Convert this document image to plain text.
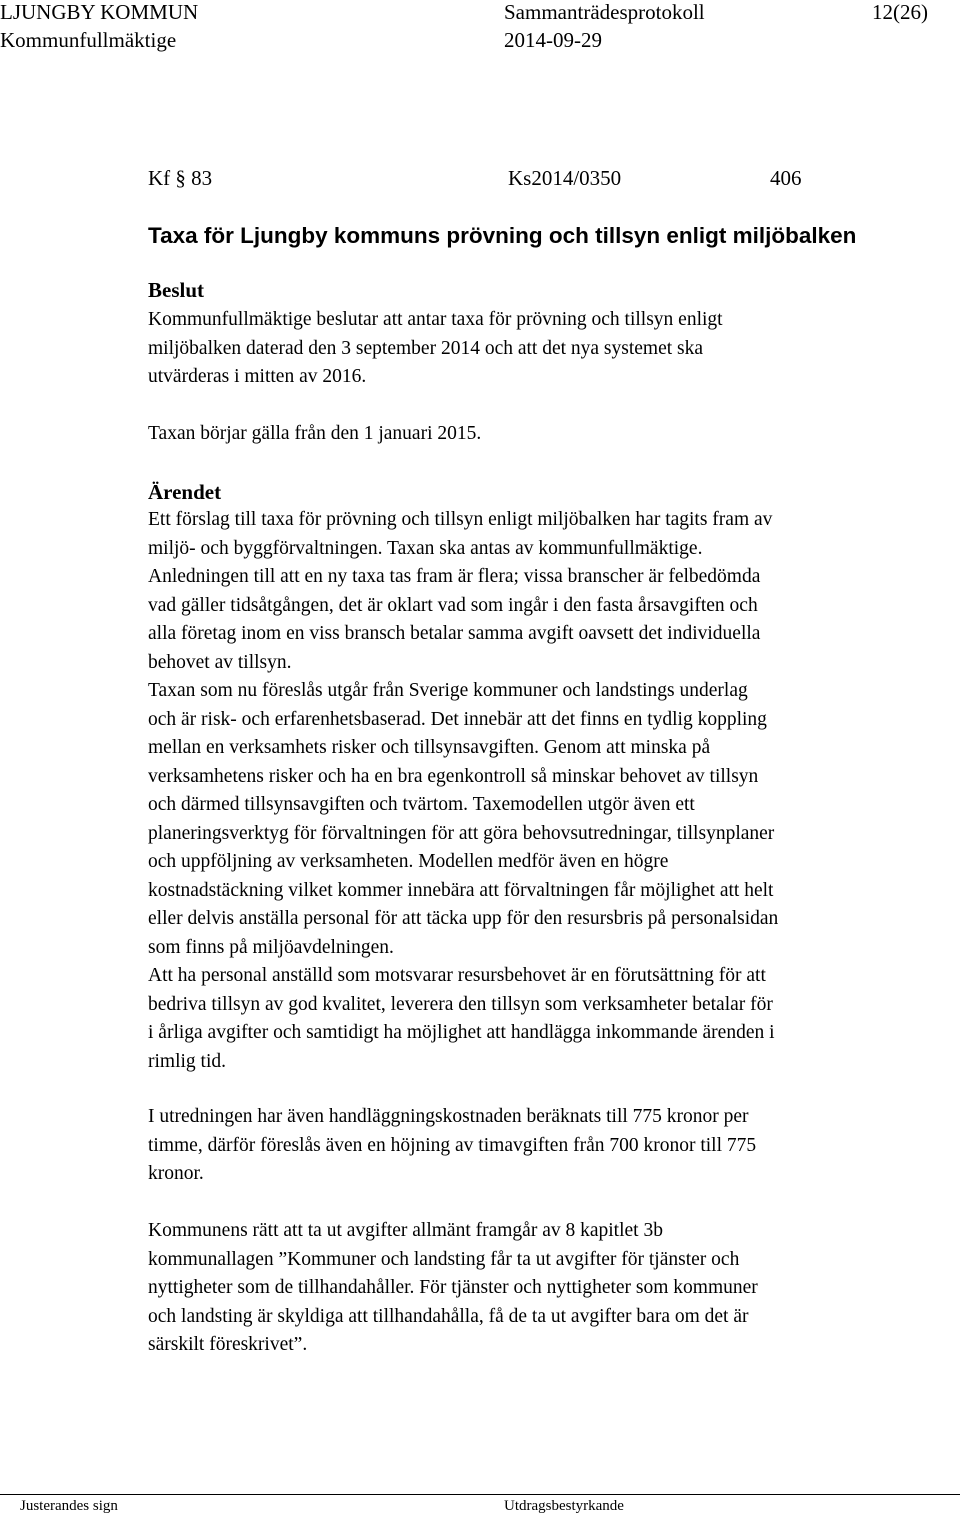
LJUNGBY KOMMUN
Kommunfullmäktige
Sammanträdesprotokoll
2014-09-29
12(26)
Kf § 83	Ks2014/0350	406
Taxa för Ljungby kommuns prövning och tillsyn enligt miljöbalken
Beslut
Kommunfullmäktige beslutar att antar taxa för prövning och tillsyn enligt
miljöbalken daterad den 3 september 2014 och att det nya systemet ska
utvärderas i mitten av 2016.
Taxan börjar gälla från den 1 januari 2015.
Ärendet
Ett förslag till taxa för prövning och tillsyn enligt miljöbalken har tagits fram av
miljö- och byggförvaltningen. Taxan ska antas av kommunfullmäktige.
Anledningen till att en ny taxa tas fram är flera; vissa branscher är felbedömda
vad gäller tidsåtgången, det är oklart vad som ingår i den fasta årsavgiften och
alla företag inom en viss bransch betalar samma avgift oavsett det individuella
behovet av tillsyn.
Taxan som nu föreslås utgår från Sverige kommuner och landstings underlag
och är risk- och erfarenhetsbaserad. Det innebär att det finns en tydlig koppling
mellan en verksamhets risker och tillsynsavgiften. Genom att minska på
verksamhetens risker och ha en bra egenkontroll så minskar behovet av tillsyn
och därmed tillsynsavgiften och tvärtom. Taxemodellen utgör även ett
planeringsverktyg för förvaltningen för att göra behovsutredningar, tillsynplaner
och uppföljning av verksamheten. Modellen medför även en högre
kostnadstäckning vilket kommer innebära att förvaltningen får möjlighet att helt
eller delvis anställa personal för att täcka upp för den resursbris på personalsidan
som finns på miljöavdelningen.
Att ha personal anställd som motsvarar resursbehovet är en förutsättning för att
bedriva tillsyn av god kvalitet, leverera den tillsyn som verksamheter betalar för
i årliga avgifter och samtidigt ha möjlighet att handlägga inkommande ärenden i
rimlig tid.
I utredningen har även handläggningskostnaden beräknats till 775 kronor per
timme, därför föreslås även en höjning av timavgiften från 700 kronor till 775
kronor.
Kommunens rätt att ta ut avgifter allmänt framgår av 8 kapitlet 3b
kommunallagen ”Kommuner och landsting får ta ut avgifter för tjänster och
nyttigheter som de tillhandahåller. För tjänster och nyttigheter som kommuner
och landsting är skyldiga att tillhandahålla, få de ta ut avgifter bara om det är
särskilt föreskrivet”.
Justerandes sign	Utdragsbestyrkande
